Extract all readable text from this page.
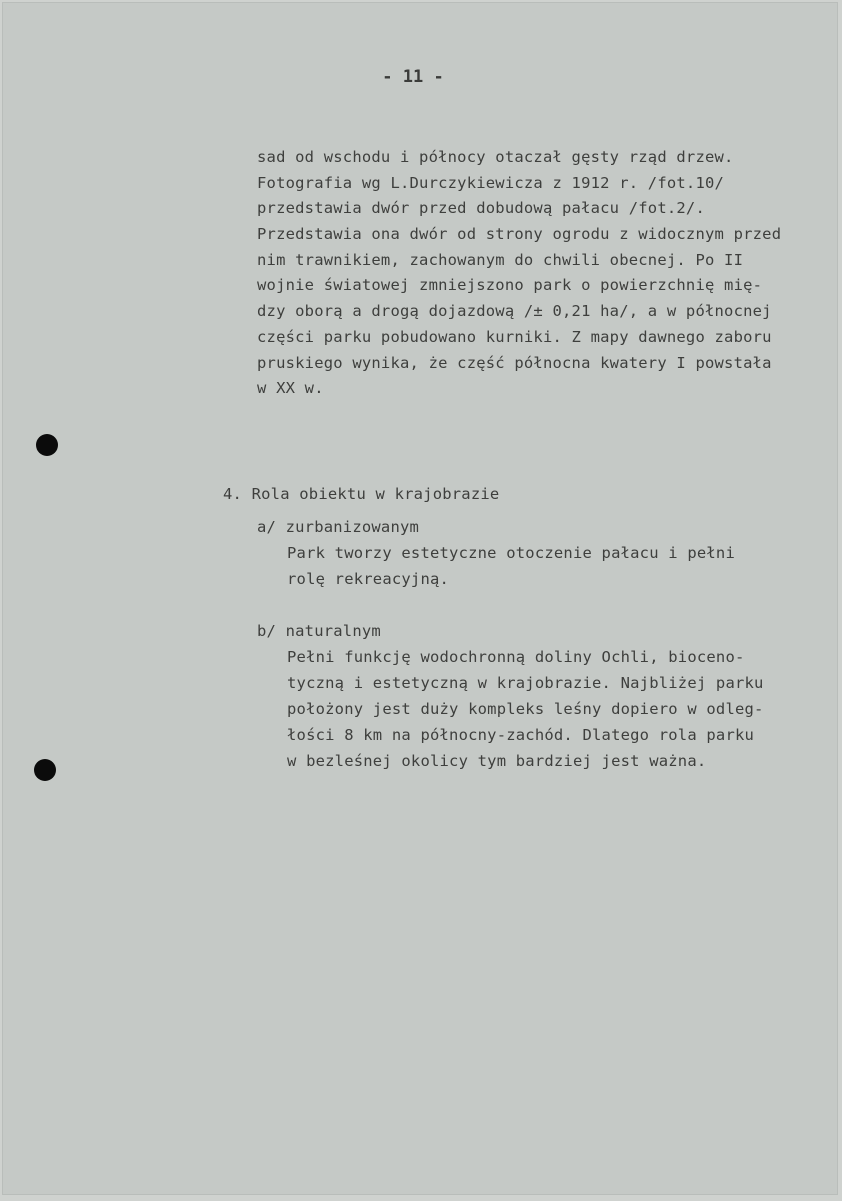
- 11 -
sad od wschodu i północy otaczał gęsty rząd drzew.
Fotografia wg L.Durczykiewicza z 1912 r. /fot.10/
przedstawia dwór przed dobudową pałacu /fot.2/.
Przedstawia ona dwór od strony ogrodu z widocznym przed
nim trawnikiem, zachowanym do chwili obecnej. Po II
wojnie światowej zmniejszono park o powierzchnię mię-
dzy oborą a drogą dojazdową /± 0,21 ha/, a w północnej
części parku pobudowano kurniki. Z mapy dawnego zaboru
pruskiego wynika, że część północna kwatery I powstała
w XX w.
4. Rola obiektu w krajobrazie
a/ zurbanizowanym
Park tworzy estetyczne otoczenie pałacu i pełni
rolę rekreacyjną.
b/ naturalnym
Pełni funkcję wodochronną doliny Ochli, biocenо-
tyczną i estetyczną w krajobrazie. Najbliżej parku
położony jest duży kompleks leśny dopiero w odleg-
łości 8 km na północny-zachód. Dlatego rola parku
w bezleśnej okolicy tym bardziej jest ważna.
